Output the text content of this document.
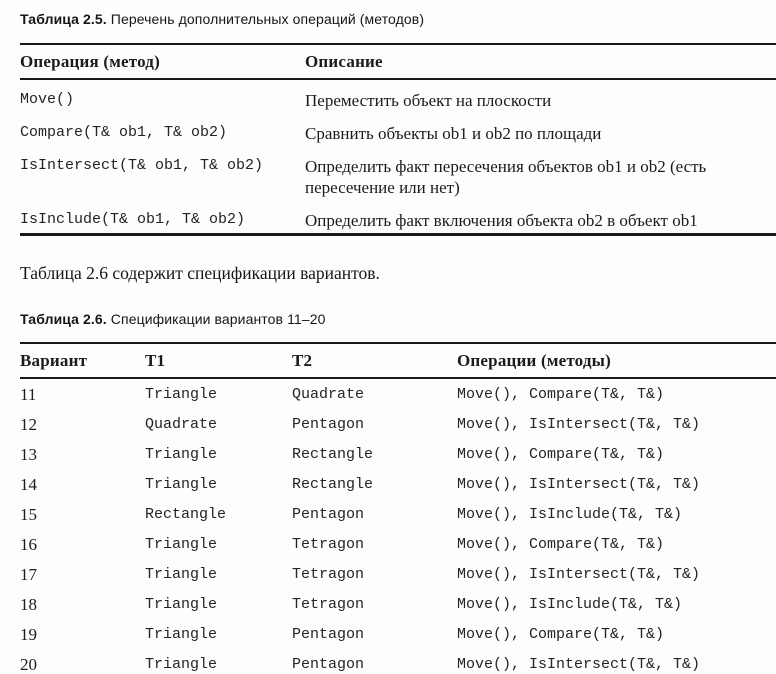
Таблица 2.5. Перечень дополнительных операций (методов)
Операция (метод)	Описание
Move()	Переместить объект на плоскости

Compare(T& ob1, T& ob2)	Сравнить объекты ob1 и ob2 по площади

IsIntersect(T& ob1, T& ob2)	Определить факт пересечения объектов ob1 и ob2 (есть пересечение или нет)

IsInclude(T& ob1, T& ob2)	Определить факт включения объекта ob2 в объект ob1
Таблица 2.6 содержит спецификации вариантов.
Таблица 2.6. Спецификации вариантов 11–20
Вариант	T1	T2	Операции (методы)
11	Triangle	Quadrate	Move(), Compare(T&, T&)
12	Quadrate	Pentagon	Move(), IsIntersect(T&, T&)
13	Triangle	Rectangle	Move(), Compare(T&, T&)
14	Triangle	Rectangle	Move(), IsIntersect(T&, T&)
15	Rectangle	Pentagon	Move(), IsInclude(T&, T&)
16	Triangle	Tetragon	Move(), Compare(T&, T&)
17	Triangle	Tetragon	Move(), IsIntersect(T&, T&)
18	Triangle	Tetragon	Move(), IsInclude(T&, T&)
19	Triangle	Pentagon	Move(), Compare(T&, T&)
20	Triangle	Pentagon	Move(), IsIntersect(T&, T&)
